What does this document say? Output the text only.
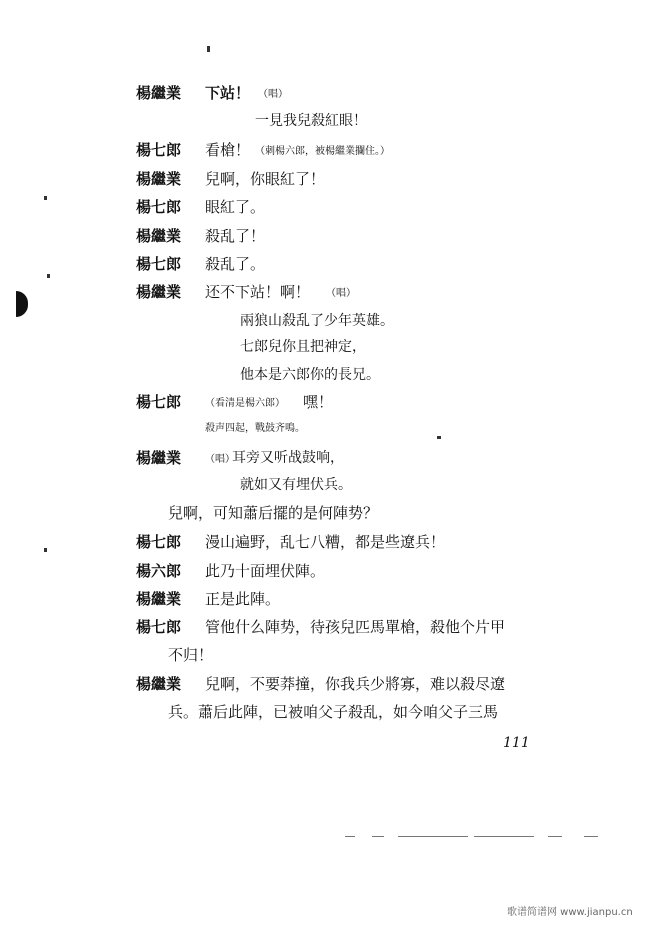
楊繼業 下站！ （唱）
一見我兒殺紅眼！
楊七郎 看槍！ （刺楊六郎，被楊繼業攔住。）
楊繼業 兒啊，你眼紅了！
楊七郎 眼紅了。
楊繼業 殺乱了！
楊七郎 殺乱了。
楊繼業 还不下站！啊！ （唱）
兩狼山殺乱了少年英雄。
七郎兒你且把神定，
他本是六郎你的長兄。
楊七郎 （看清是楊六郎） 嘿！
殺声四起，戰鼓齐鳴。
楊繼業 （唱）
耳旁又听战鼓响，
就如又有埋伏兵。
兒啊，可知蕭后擺的是何陣势？
楊七郎 漫山遍野，乱七八糟，都是些遼兵！
楊六郎 此乃十面埋伏陣。
楊繼業 正是此陣。
楊七郎 管他什么陣势，待孩兒匹馬單槍，殺他个片甲
不归！
楊繼業 兒啊，不要莽撞，你我兵少將寡，难以殺尽遼
兵。蕭后此陣，已被咱父子殺乱，如今咱父子三馬
111
歌谱简谱网 www.jianpu.cn
